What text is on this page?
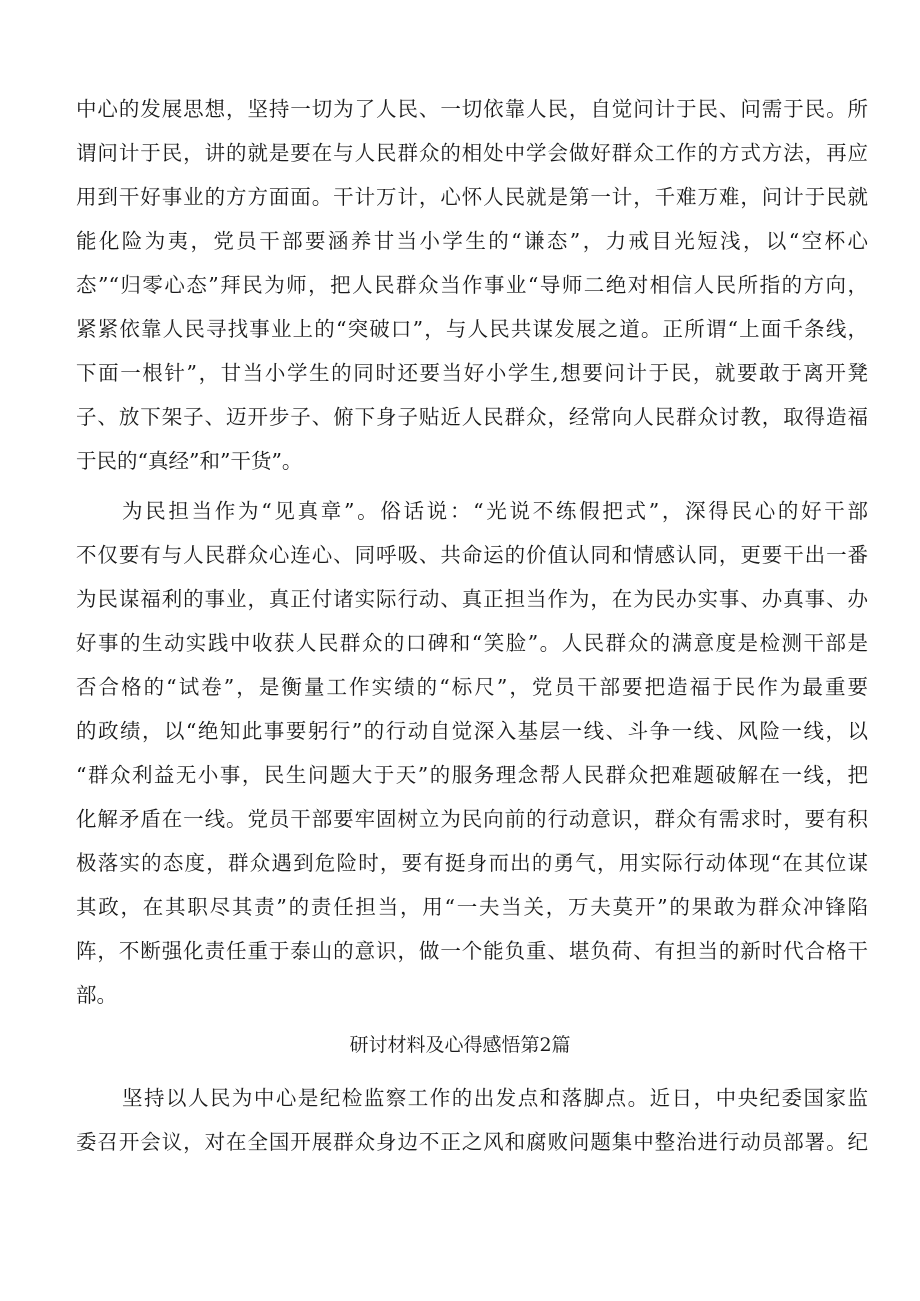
中心的发展思想，坚持一切为了人民、一切依靠人民，自觉问计于民、问需于民。所
谓问计于民，讲的就是要在与人民群众的相处中学会做好群众工作的方式方法，再应
用到干好事业的方方面面。干计万计，心怀人民就是第一计，千难万难，问计于民就
能化险为夷，党员干部要涵养甘当小学生的“谦态”，力戒目光短浅，以“空杯心
态”“归零心态”拜民为师，把人民群众当作事业“导师二绝对相信人民所指的方向，
紧紧依靠人民寻找事业上的“突破口”，与人民共谋发展之道。正所谓“上面千条线，
下面一根针”，甘当小学生的同时还要当好小学生,想要问计于民，就要敢于离开凳
子、放下架子、迈开步子、俯下身子贴近人民群众，经常向人民群众讨教，取得造福
于民的“真经”和”干货”。
为民担当作为“见真章”。俗话说：“光说不练假把式”，深得民心的好干部
不仅要有与人民群众心连心、同呼吸、共命运的价值认同和情感认同，更要干出一番
为民谋福利的事业，真正付诸实际行动、真正担当作为，在为民办实事、办真事、办
好事的生动实践中收获人民群众的口碑和“笑脸”。人民群众的满意度是检测干部是
否合格的“试卷”，是衡量工作实绩的“标尺”，党员干部要把造福于民作为最重要
的政绩，以“绝知此事要躬行”的行动自觉深入基层一线、斗争一线、风险一线，以
“群众利益无小事，民生问题大于天”的服务理念帮人民群众把难题破解在一线，把
化解矛盾在一线。党员干部要牢固树立为民向前的行动意识，群众有需求时，要有积
极落实的态度，群众遇到危险时，要有挺身而出的勇气，用实际行动体现“在其位谋
其政，在其职尽其责”的责任担当，用“一夫当关，万夫莫开”的果敢为群众冲锋陷
阵，不断强化责任重于泰山的意识，做一个能负重、堪负荷、有担当的新时代合格干
部。
研讨材料及心得感悟第2篇
坚持以人民为中心是纪检监察工作的出发点和落脚点。近日，中央纪委国家监
委召开会议，对在全国开展群众身边不正之风和腐败问题集中整治进行动员部署。纪
